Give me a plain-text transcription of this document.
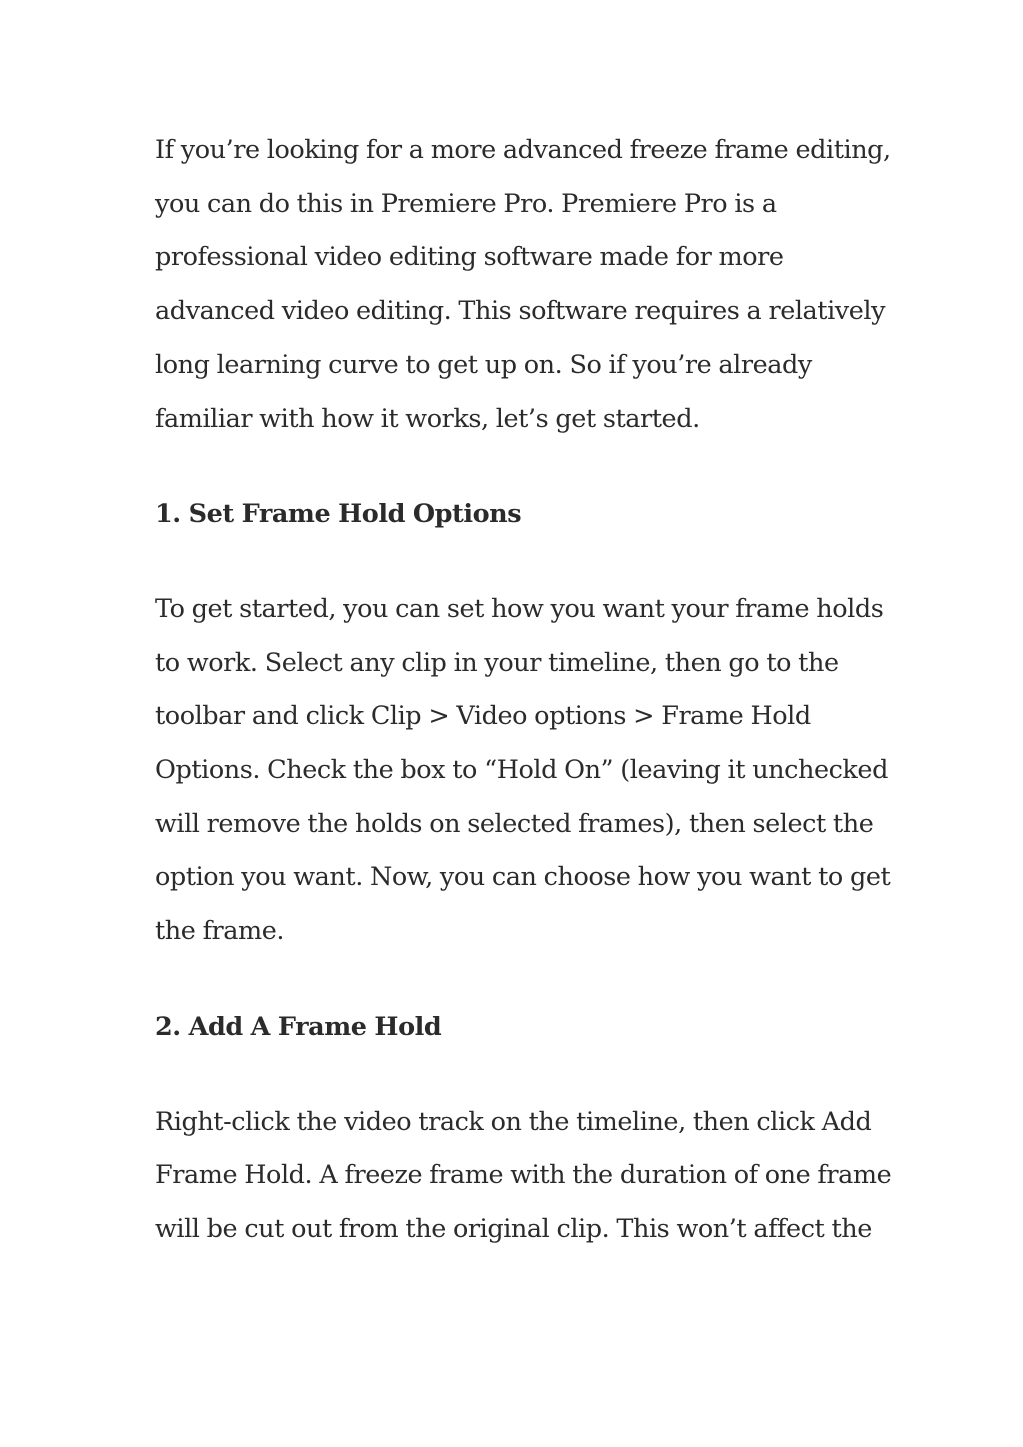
If you’re looking for a more advanced freeze frame editing,
you can do this in Premiere Pro. Premiere Pro is a
professional video editing software made for more
advanced video editing. This software requires a relatively
long learning curve to get up on. So if you’re already
familiar with how it works, let’s get started.

1. Set Frame Hold Options

To get started, you can set how you want your frame holds
to work. Select any clip in your timeline, then go to the
toolbar and click Clip > Video options > Frame Hold
Options. Check the box to “Hold On” (leaving it unchecked
will remove the holds on selected frames), then select the
option you want. Now, you can choose how you want to get
the frame.

2. Add A Frame Hold

Right-click the video track on the timeline, then click Add
Frame Hold. A freeze frame with the duration of one frame
will be cut out from the original clip. This won’t affect the
